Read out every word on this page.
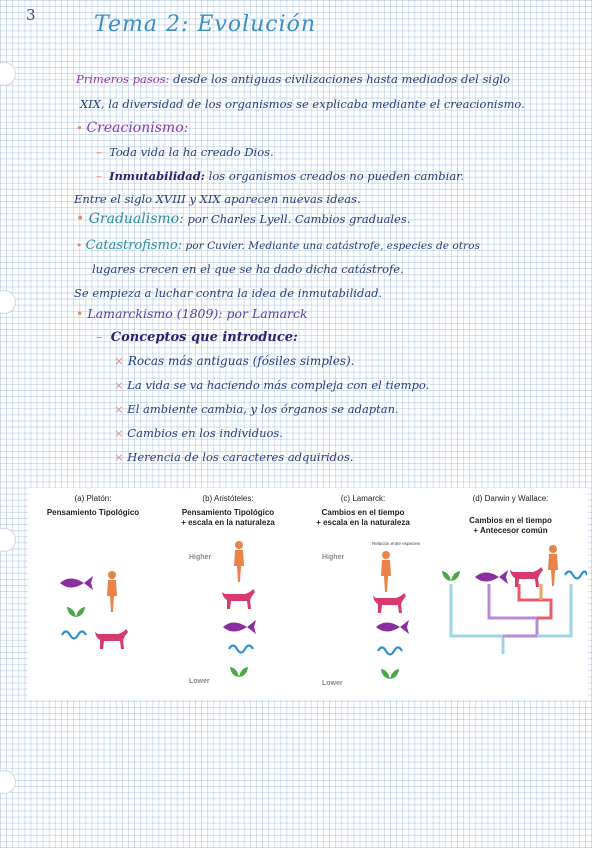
3	Tema 2: Evolución
Primeros pasos: desde los antiguas civilizaciones hasta mediados del siglo
XIX, la diversidad de los organismos se explicaba mediante el creacionismo.
• Creacionismo:
–  Toda vida la ha creado Dios.
–  Inmutabilidad: los organismos creados no pueden cambiar.
Entre el siglo XVIII y XIX aparecen nuevas ideas.
• Gradualismo: por Charles Lyell. Cambios graduales.
• Catastrofismo: por Cuvier. Mediante una catástrofe, especies de otros
lugares crecen en el que se ha dado dicha catástrofe.
Se empieza a luchar contra la idea de inmutabilidad.
• Lamarckismo (1809): por Lamarck
–  Conceptos que introduce:
× Rocas más antiguas (fósiles simples).
× La vida se va haciendo más compleja con el tiempo.
× El ambiente cambia, y los órganos se adaptan.
× Cambios en los individuos.
× Herencia de los caracteres adquiridos.
(a) Platón:
Pensamiento Tipológico
(b) Aristóteles:
Pensamiento Tipológico
+ escala en la naturaleza
Higher
Lower
(c) Lamarck:
Cambios en el tiempo
+ escala en la naturaleza
Relación entre especies
Higher
Lower
(d) Darwin y Wallace:
Cambios en el tiempo
+ Antecesor común
